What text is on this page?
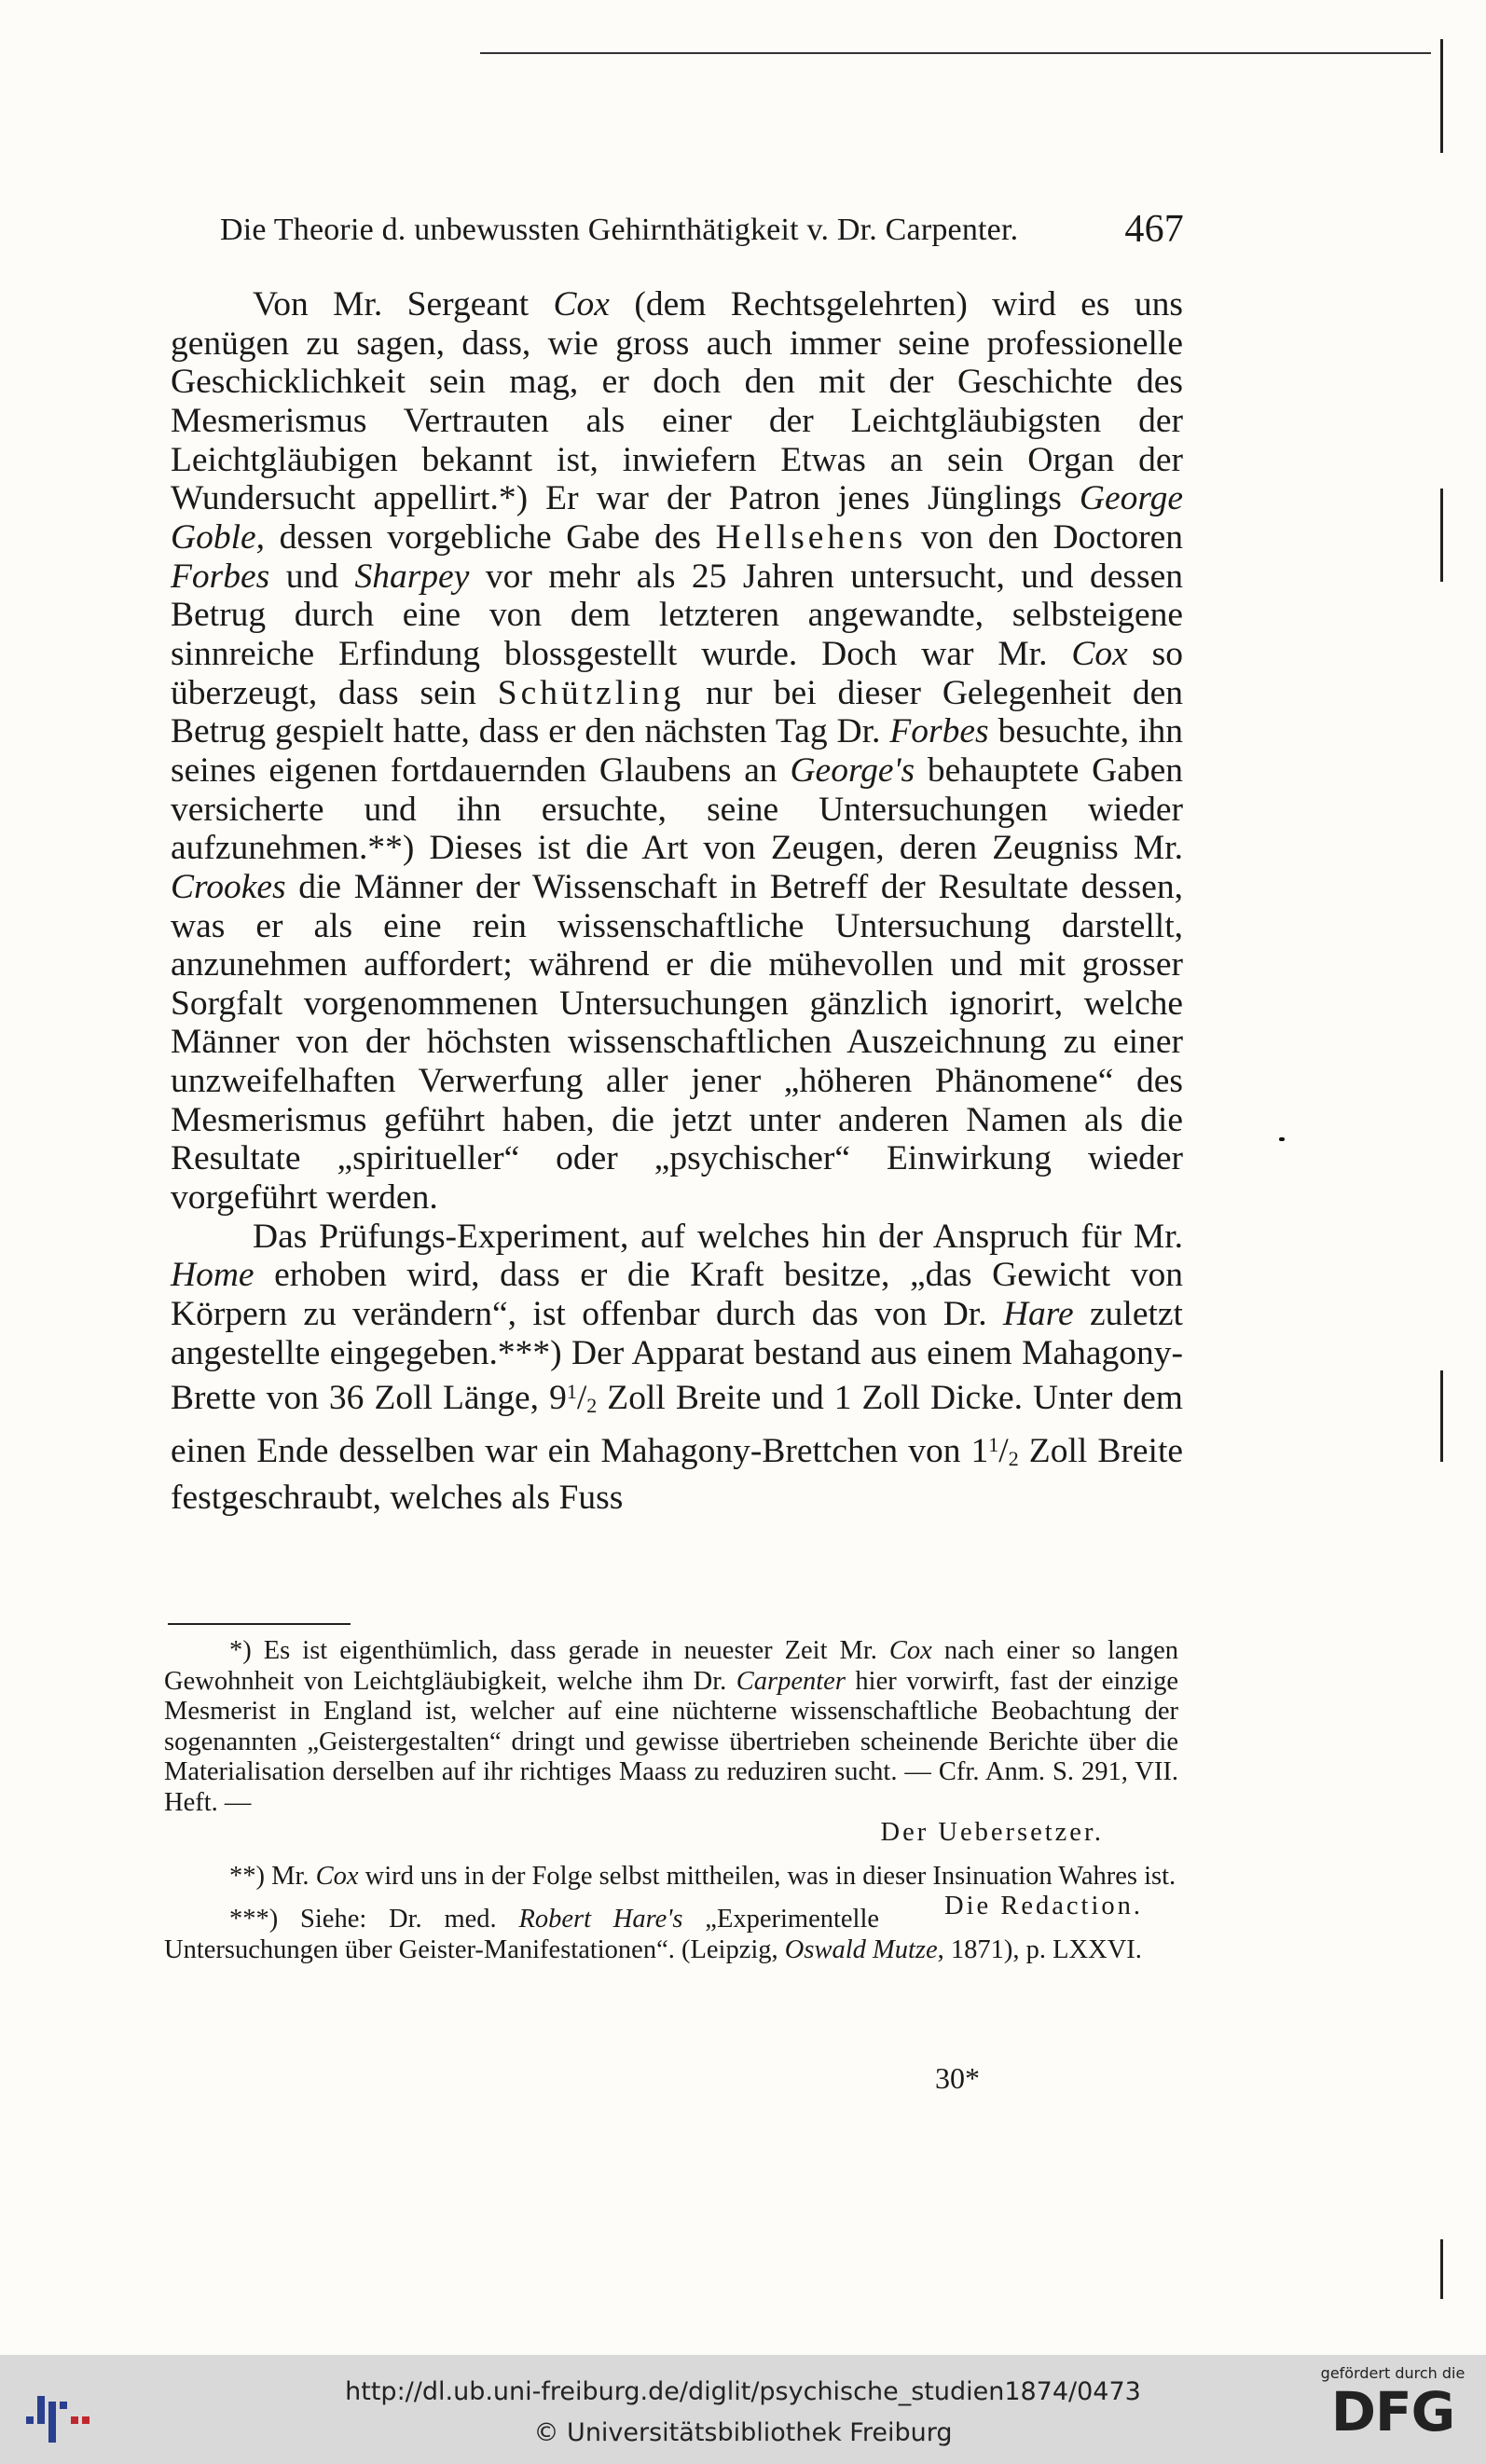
Die Theorie d. unbewussten Gehirnthätigkeit v. Dr. Carpenter.	467

Von Mr. Sergeant Cox (dem Rechtsgelehrten) wird es uns genügen zu sagen, dass, wie gross auch immer seine professionelle Geschicklichkeit sein mag, er doch den mit der Geschichte des Mesmerismus Vertrauten als einer der Leichtgläubigsten der Leichtgläubigen bekannt ist, inwiefern Etwas an sein Organ der Wundersucht appellirt.*) Er war der Patron jenes Jünglings George Goble, dessen vorgebliche Gabe des Hellsehens von den Doctoren Forbes und Sharpey vor mehr als 25 Jahren untersucht, und dessen Betrug durch eine von dem letzteren angewandte, selbsteigene sinnreiche Erfindung blossgestellt wurde. Doch war Mr. Cox so überzeugt, dass sein Schützling nur bei dieser Gelegenheit den Betrug gespielt hatte, dass er den nächsten Tag Dr. Forbes besuchte, ihn seines eigenen fortdauernden Glaubens an George's behauptete Gaben versicherte und ihn ersuchte, seine Untersuchungen wieder aufzunehmen.**) Dieses ist die Art von Zeugen, deren Zeugniss Mr. Crookes die Männer der Wissenschaft in Betreff der Resultate dessen, was er als eine rein wissenschaftliche Untersuchung darstellt, anzunehmen auffordert; während er die mühevollen und mit grosser Sorgfalt vorgenommenen Untersuchungen gänzlich ignorirt, welche Männer von der höchsten wissenschaftlichen Auszeichnung zu einer unzweifelhaften Verwerfung aller jener „höheren Phänomene“ des Mesmerismus geführt haben, die jetzt unter anderen Namen als die Resultate „spiritueller“ oder „psychischer“ Einwirkung wieder vorgeführt werden.

Das Prüfungs-Experiment, auf welches hin der Anspruch für Mr. Home erhoben wird, dass er die Kraft besitze, „das Gewicht von Körpern zu verändern“, ist offenbar durch das von Dr. Hare zuletzt angestellte eingegeben.***) Der Apparat bestand aus einem Mahagony-Brette von 36 Zoll Länge, $9^1/2$ Zoll Breite und 1 Zoll Dicke. Unter dem einen Ende desselben war ein Mahagony-Brettchen von $1^1/2$ Zoll Breite festgeschraubt, welches als Fuss

*) Es ist eigenthümlich, dass gerade in neuester Zeit Mr. Cox nach einer so langen Gewohnheit von Leichtgläubigkeit, welche ihm Dr. Carpenter hier vorwirft, fast der einzige Mesmerist in England ist, welcher auf eine nüchterne wissenschaftliche Beobachtung der sogenannten „Geistergestalten“ dringt und gewisse übertrieben scheinende Berichte über die Materialisation derselben auf ihr richtiges Maass zu reduziren sucht. — Cfr. Anm. S. 291, VII. Heft. —

Der Uebersetzer.

**) Mr. Cox wird uns in der Folge selbst mittheilen, was in dieser Insinuation Wahres ist.
Die Redaction.

***) Siehe: Dr. med. Robert Hare's „Experimentelle Untersuchungen über Geister-Manifestationen“. (Leipzig, Oswald Mutze, 1871), p. LXXVI.

30*
http://dl.ub.uni-freiburg.de/diglit/psychische_studien1874/0473
© Universitätsbibliothek Freiburg
gefördert durch die
DFG
